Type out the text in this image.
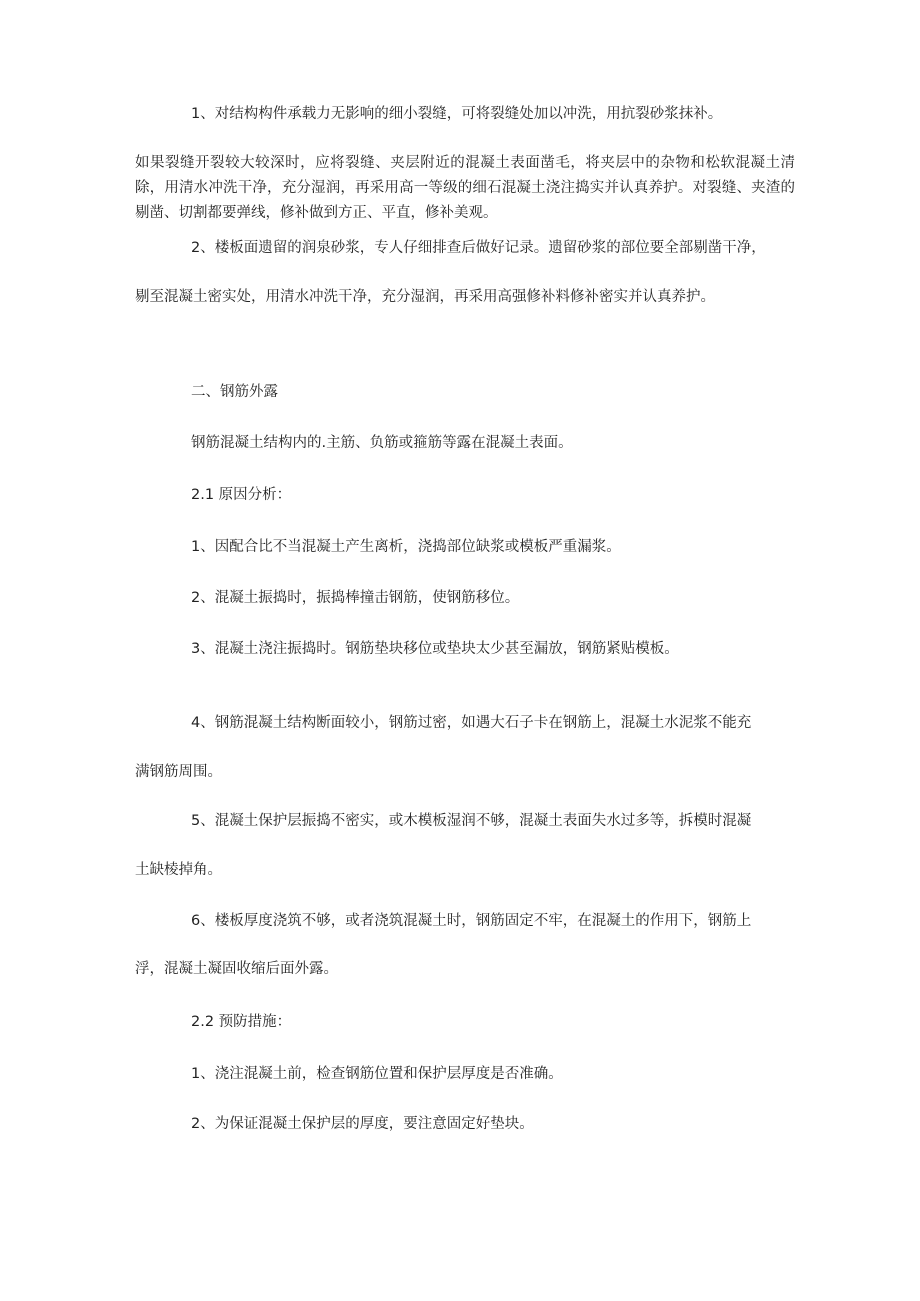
1、对结构构件承载力无影响的细小裂缝，可将裂缝处加以冲洗，用抗裂砂浆抹补。

如果裂缝开裂较大较深时，应将裂缝、夹层附近的混凝土表面凿毛，将夹层中的杂物和松软混凝土清除，用清水冲洗干净，充分湿润，再采用高一等级的细石混凝土浇注捣实并认真养护。对裂缝、夹渣的剔凿、切割都要弹线，修补做到方正、平直，修补美观。

2、楼板面遗留的润泉砂浆，专人仔细排查后做好记录。遗留砂浆的部位要全部剔凿干净，

剔至混凝土密实处，用清水冲洗干净，充分湿润，再采用高强修补料修补密实并认真养护。

二、钢筋外露

钢筋混凝土结构内的.主筋、负筋或箍筋等露在混凝土表面。

2.1 原因分析：

1、因配合比不当混凝土产生离析，浇捣部位缺浆或模板严重漏浆。

2、混凝土振捣时，振捣棒撞击钢筋，使钢筋移位。

3、混凝土浇注振捣时。钢筋垫块移位或垫块太少甚至漏放，钢筋紧贴模板。

4、钢筋混凝土结构断面较小，钢筋过密，如遇大石子卡在钢筋上，混凝土水泥浆不能充

满钢筋周围。

5、混凝土保护层振捣不密实，或木模板湿润不够，混凝土表面失水过多等，拆模时混凝

土缺棱掉角。

6、楼板厚度浇筑不够，或者浇筑混凝土时，钢筋固定不牢，在混凝土的作用下，钢筋上

浮，混凝土凝固收缩后面外露。

2.2 预防措施：

1、浇注混凝土前，检查钢筋位置和保护层厚度是否准确。

2、为保证混凝土保护层的厚度，要注意固定好垫块。
